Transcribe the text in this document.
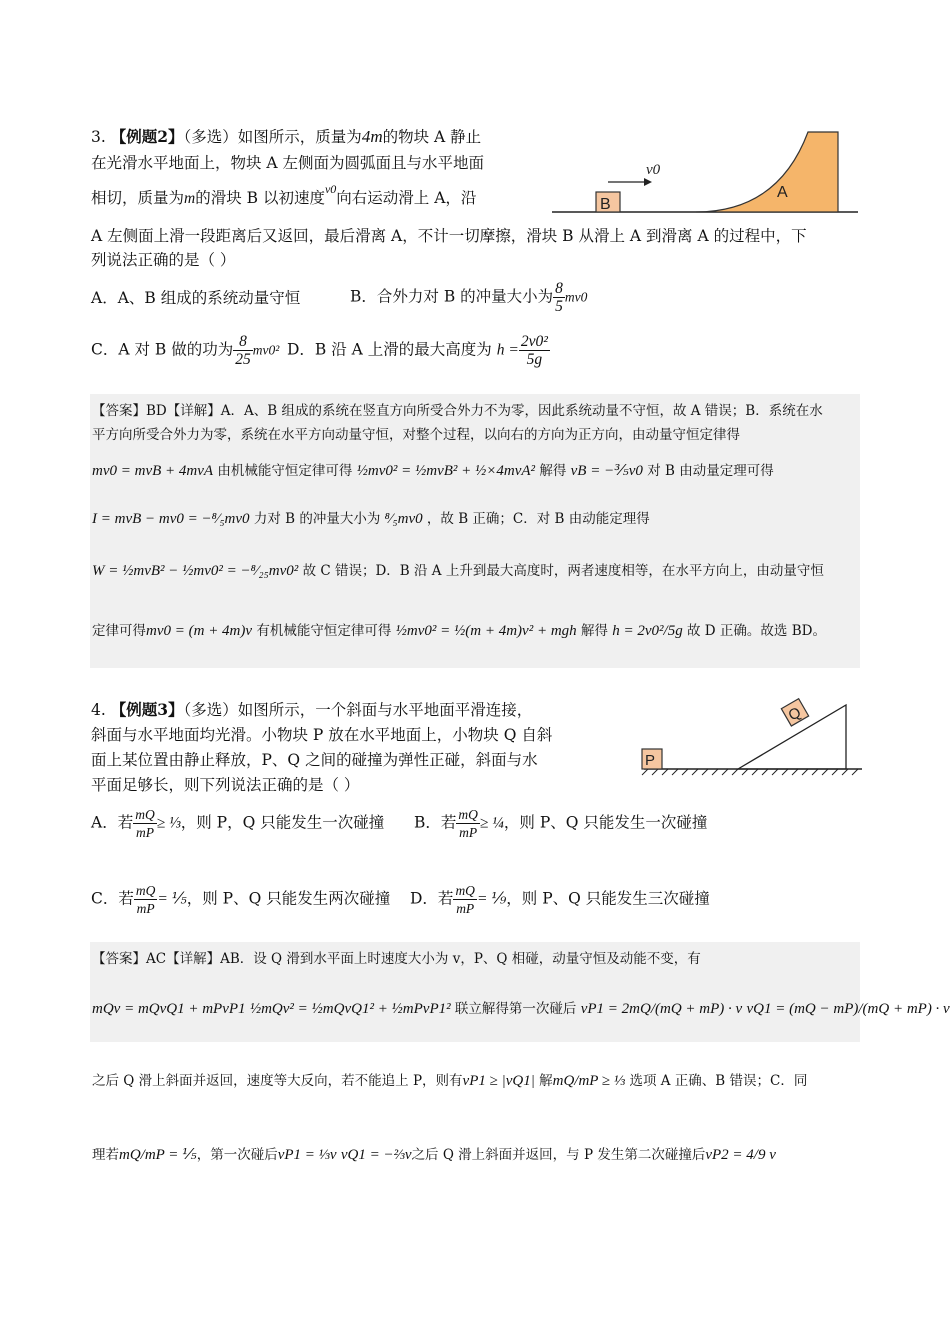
3. 【例题2】（多选）如图所示，质量为4m的物块 A 静止
在光滑水平地面上，物块 A 左侧面为圆弧面且与水平地面
相切，质量为m的滑块 B 以初速度$^{v0}$向右运动滑上 A，沿
A 左侧面上滑一段距离后又返回，最后滑离 A，不计一切摩擦，滑块 B 从滑上 A 到滑离 A 的过程中，下
列说法正确的是（ ）
B
A
v0
A．A、B 组成的系统动量守恒	B．合外力对 B 的冲量大小为 $\frac{8}{5} mv0$
C．A 对 B 做的功为 $\frac{8}{25} mv0^2$ D．B 沿 A 上滑的最大高度为 $h = \frac{\text{2v0²}}{5g}$
【答案】BD【详解】A．A、B 组成的系统在竖直方向所受合外力不为零，因此系统动量不守恒，故 A 错误；B．系统在水
平方向所受合外力为零，系统在水平方向动量守恒，对整个过程，以向右的方向为正方向，由动量守恒定律得
mv0 = mvB + 4mvA 由机械能守恒定律可得 ½mv0² = ½mvB² + ½×4mvA² 解得 vB = −⅗v0 对 B 由动量定理可得
I = mvB − mv0 = −⁸⁄₅mv0 力对 B 的冲量大小为 ⁸⁄₅mv0 ，故 B 正确；C．对 B 由动能定理得
W = ½mvB² − ½mv0² = −⁸⁄₂₅mv0² 故 C 错误；D．B 沿 A 上升到最大高度时，两者速度相等，在水平方向上，由动量守恒
定律可得mv0 = (m + 4m)v 有机械能守恒定律可得 ½mv0² = ½(m + 4m)v² + mgh 解得 h = 2v0²/5g 故 D 正确。故选 BD。
4. 【例题3】（多选）如图所示，一个斜面与水平地面平滑连接，
斜面与水平地面均光滑。小物块 P 放在水平地面上，小物块 Q 自斜
面上某位置由静止释放，P、Q 之间的碰撞为弹性正碰，斜面与水
平面足够长，则下列说法正确的是（ ）
P
Q
A．若 $\frac{mQ}{mP}$ ≥ ⅓，则 P，Q 只能发生一次碰撞 B．若 $\frac{mQ}{mP}$ ≥ ¼，则 P、Q 只能发生一次碰撞
C．若 $\frac{mQ}{mP}$ = ⅕，则 P、Q 只能发生两次碰撞 D．若 $\frac{mQ}{mP}$ = ⅑，则 P、Q 只能发生三次碰撞
【答案】AC【详解】AB．设 Q 滑到水平面上时速度大小为 v，P、Q 相碰，动量守恒及动能不变，有
mQv = mQvQ1 + mPvP1 ½mQv² = ½mQvQ1² + ½mPvP1² 联立解得第一次碰后 vP1 = 2mQ/(mQ + mP) · v vQ1 = (mQ − mP)/(mQ + mP) · v
之后 Q 滑上斜面并返回，速度等大反向，若不能追上 P，则有vP1 ≥ |vQ1| 解mQ/mP ≥ ⅓ 选项 A 正确、B 错误；C．同
理若mQ/mP = ⅕，第一次碰后vP1 = ⅓v vQ1 = −⅔v之后 Q 滑上斜面并返回，与 P 发生第二次碰撞后vP2 = 4/9 v
